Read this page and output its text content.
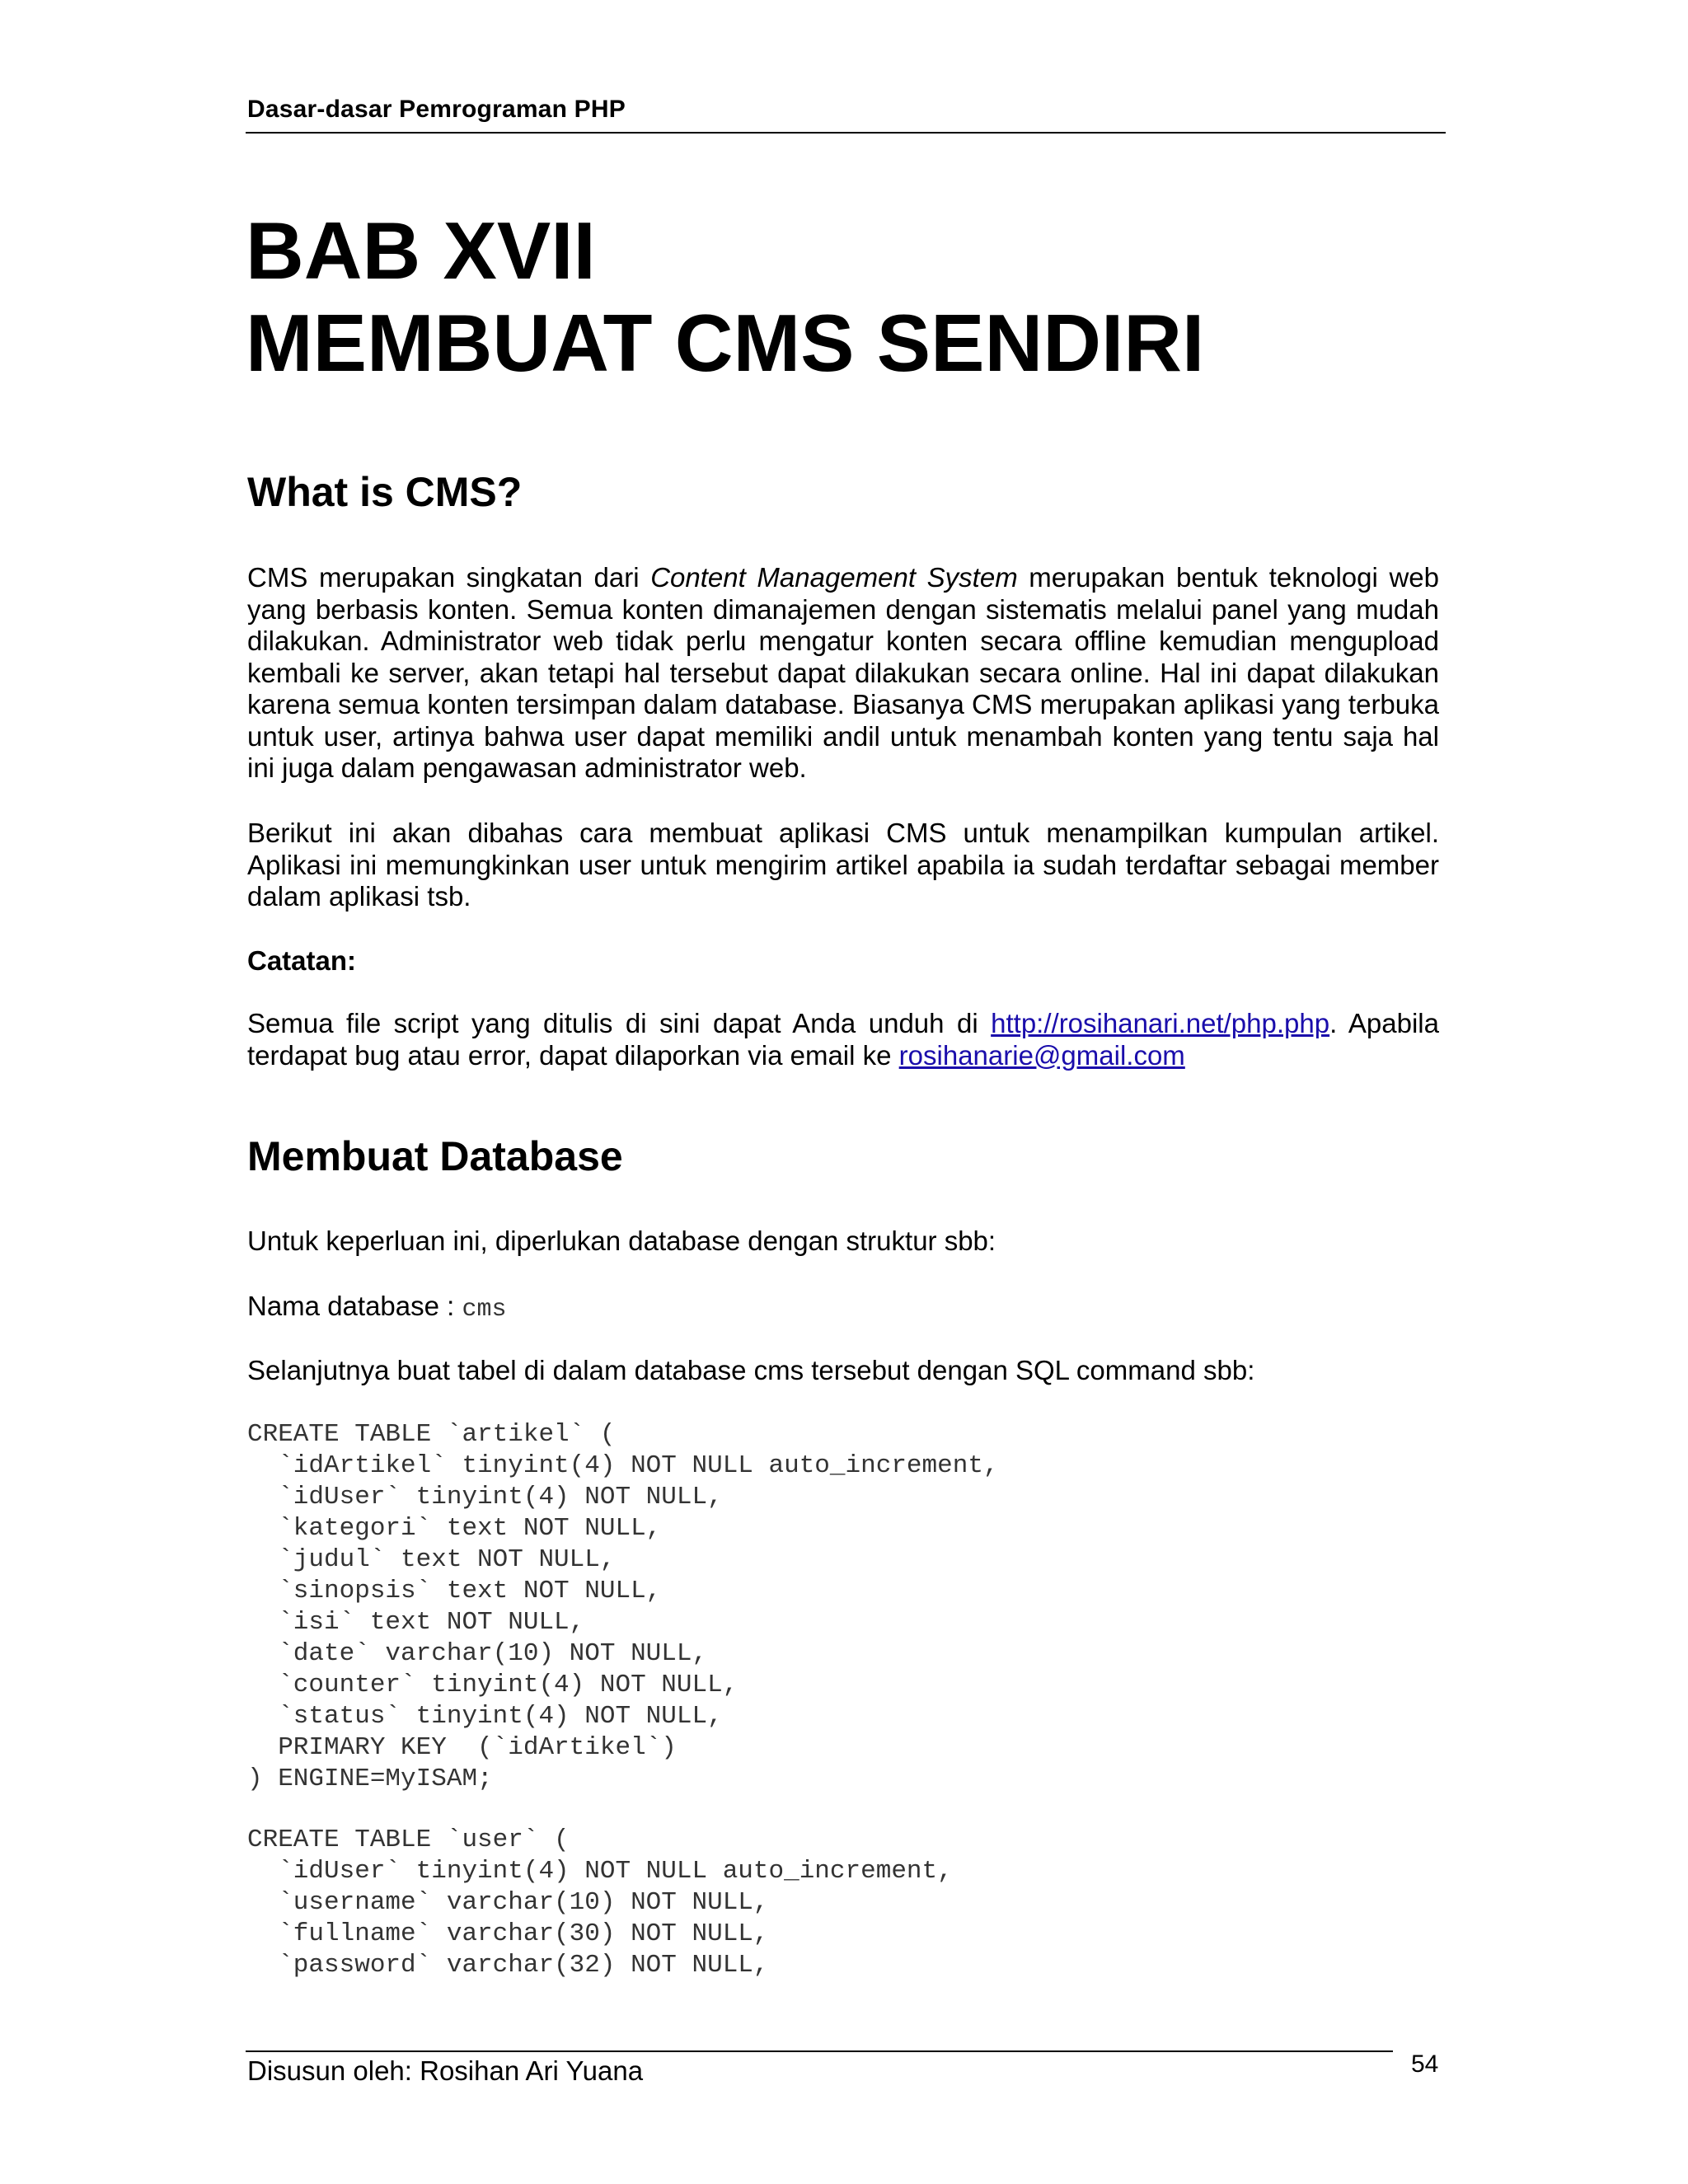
Dasar-dasar Pemrograman PHP
BAB XVII
MEMBUAT CMS SENDIRI
What is CMS?

CMS merupakan singkatan dari Content Management System merupakan bentuk teknologi web yang berbasis konten. Semua konten dimanajemen dengan sistematis melalui panel yang mudah dilakukan. Administrator web tidak perlu mengatur konten secara offline kemudian mengupload kembali ke server, akan tetapi hal tersebut dapat dilakukan secara online. Hal ini dapat dilakukan karena semua konten tersimpan dalam database. Biasanya CMS merupakan aplikasi yang terbuka untuk user, artinya bahwa user dapat memiliki andil untuk menambah konten yang tentu saja hal ini juga dalam pengawasan administrator web.

Berikut ini akan dibahas cara membuat aplikasi CMS untuk menampilkan kumpulan artikel. Aplikasi ini memungkinkan user untuk mengirim artikel apabila ia sudah terdaftar sebagai member dalam aplikasi tsb.

Catatan:

Semua file script yang ditulis di sini dapat Anda unduh di http://rosihanari.net/php.php. Apabila terdapat bug atau error, dapat dilaporkan via email ke rosihanarie@gmail.com

Membuat Database
Untuk keperluan ini, diperlukan database dengan struktur sbb:
Nama database : cms
Selanjutnya buat tabel di dalam database cms tersebut dengan SQL command sbb:
CREATE TABLE `artikel` (
`idArtikel` tinyint(4) NOT NULL auto_increment,
`idUser` tinyint(4) NOT NULL,
`kategori` text NOT NULL,
`judul` text NOT NULL,
`sinopsis` text NOT NULL,
`isi` text NOT NULL,
`date` varchar(10) NOT NULL,
`counter` tinyint(4) NOT NULL,
`status` tinyint(4) NOT NULL,
PRIMARY KEY  (`idArtikel`)
) ENGINE=MyISAM;
CREATE TABLE `user` (
`idUser` tinyint(4) NOT NULL auto_increment,
`username` varchar(10) NOT NULL,
`fullname` varchar(30) NOT NULL,
`password` varchar(32) NOT NULL,
Disusun oleh: Rosihan Ari Yuana	54
